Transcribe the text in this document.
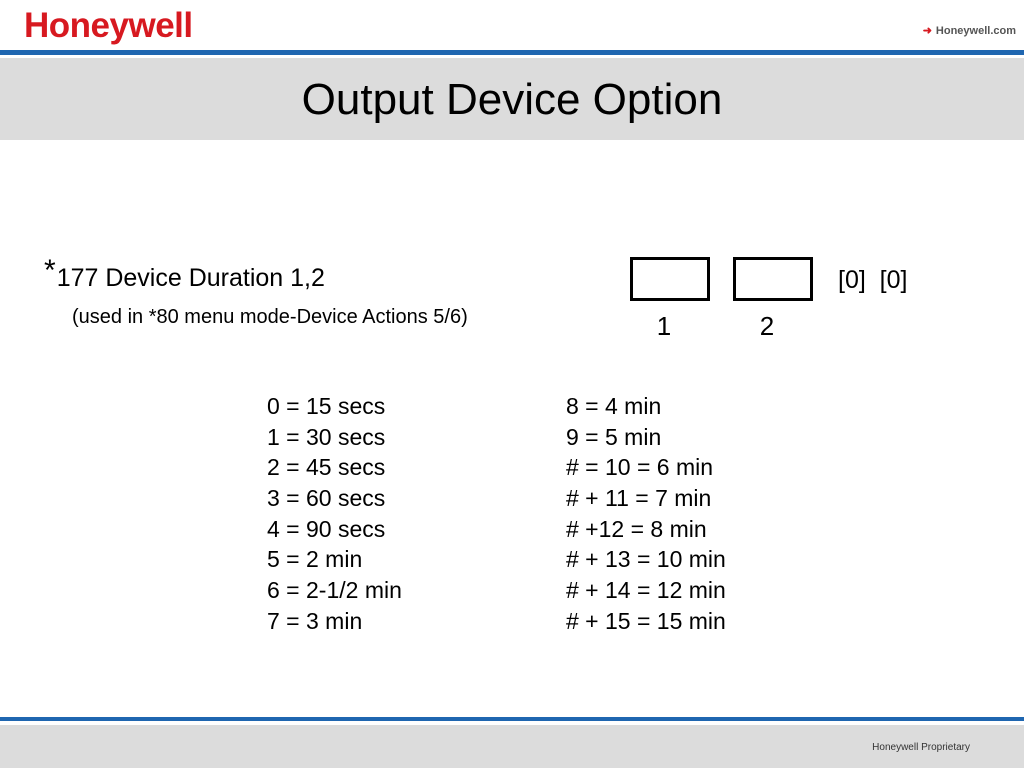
Honeywell	➜ Honeywell.com
Output Device Option
*177 Device Duration 1,2
(used in *80 menu mode-Device Actions 5/6)	1	2
[0]  [0]
0 = 15 secs
1 = 30 secs
2 = 45 secs
3 = 60 secs
4 = 90 secs
5 = 2 min
6 = 2-1/2 min
7 = 3 min
8 = 4 min
9 = 5 min
# = 10 = 6 min
# + 11 = 7 min
# +12 = 8 min
# + 13 = 10 min
# + 14 = 12 min
# + 15 = 15 min
Honeywell Proprietary
